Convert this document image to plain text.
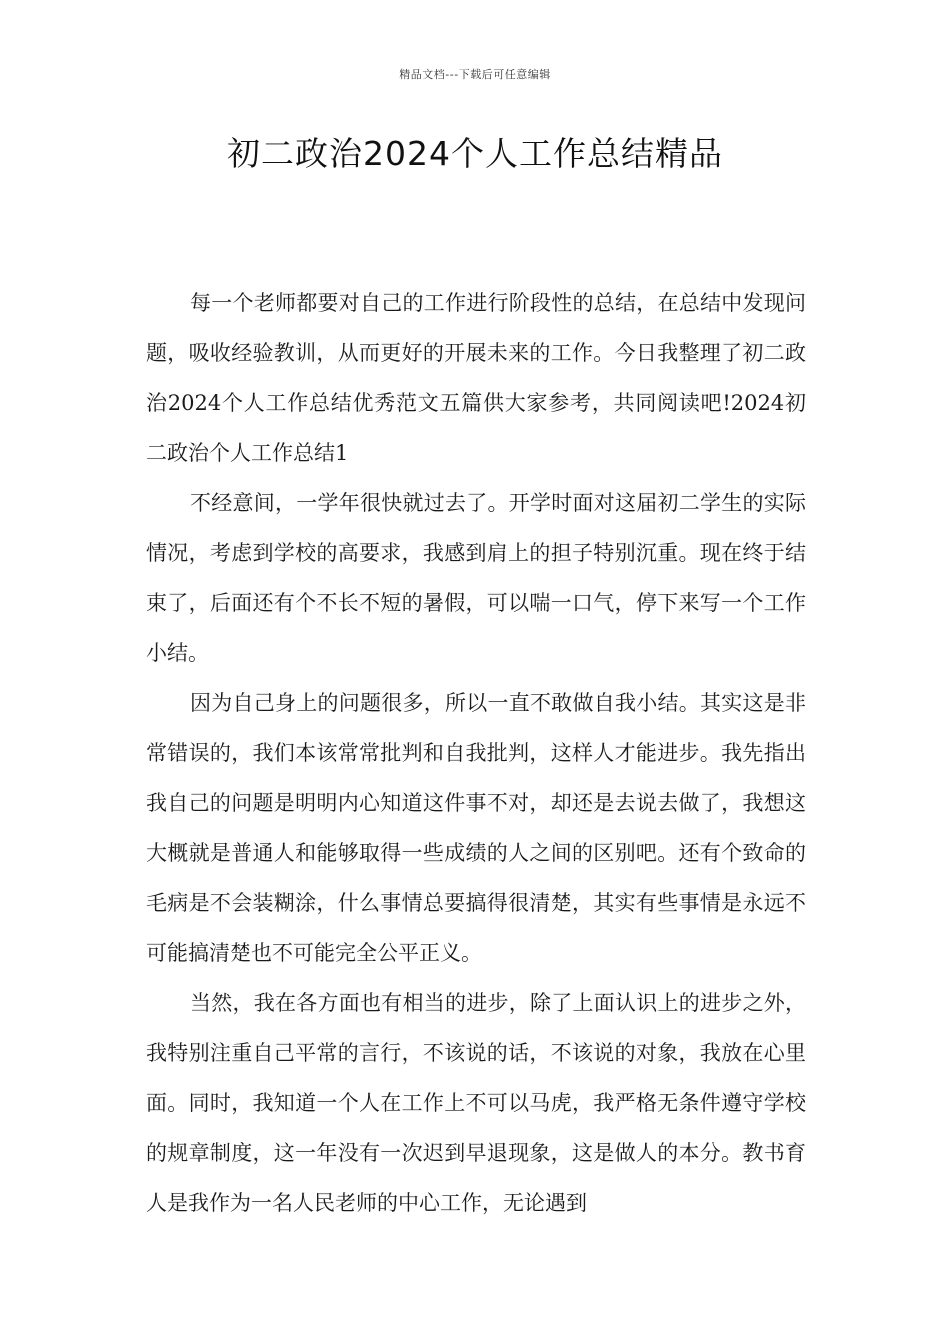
精品文档---下载后可任意编辑
初二政治2024个人工作总结精品

每一个老师都要对自己的工作进行阶段性的总结，在总结中发现问题，吸收经验教训，从而更好的开展未来的工作。今日我整理了初二政治2024个人工作总结优秀范文五篇供大家参考，共同阅读吧!2024初二政治个人工作总结1

不经意间，一学年很快就过去了。开学时面对这届初二学生的实际情况，考虑到学校的高要求，我感到肩上的担子特别沉重。现在终于结束了，后面还有个不长不短的暑假，可以喘一口气，停下来写一个工作小结。

因为自己身上的问题很多，所以一直不敢做自我小结。其实这是非常错误的，我们本该常常批判和自我批判，这样人才能进步。我先指出我自己的问题是明明内心知道这件事不对，却还是去说去做了，我想这大概就是普通人和能够取得一些成绩的人之间的区别吧。还有个致命的毛病是不会装糊涂，什么事情总要搞得很清楚，其实有些事情是永远不可能搞清楚也不可能完全公平正义。

当然，我在各方面也有相当的进步，除了上面认识上的进步之外，我特别注重自己平常的言行，不该说的话，不该说的对象，我放在心里面。同时，我知道一个人在工作上不可以马虎，我严格无条件遵守学校的规章制度，这一年没有一次迟到早退现象，这是做人的本分。教书育人是我作为一名人民老师的中心工作，无论遇到
